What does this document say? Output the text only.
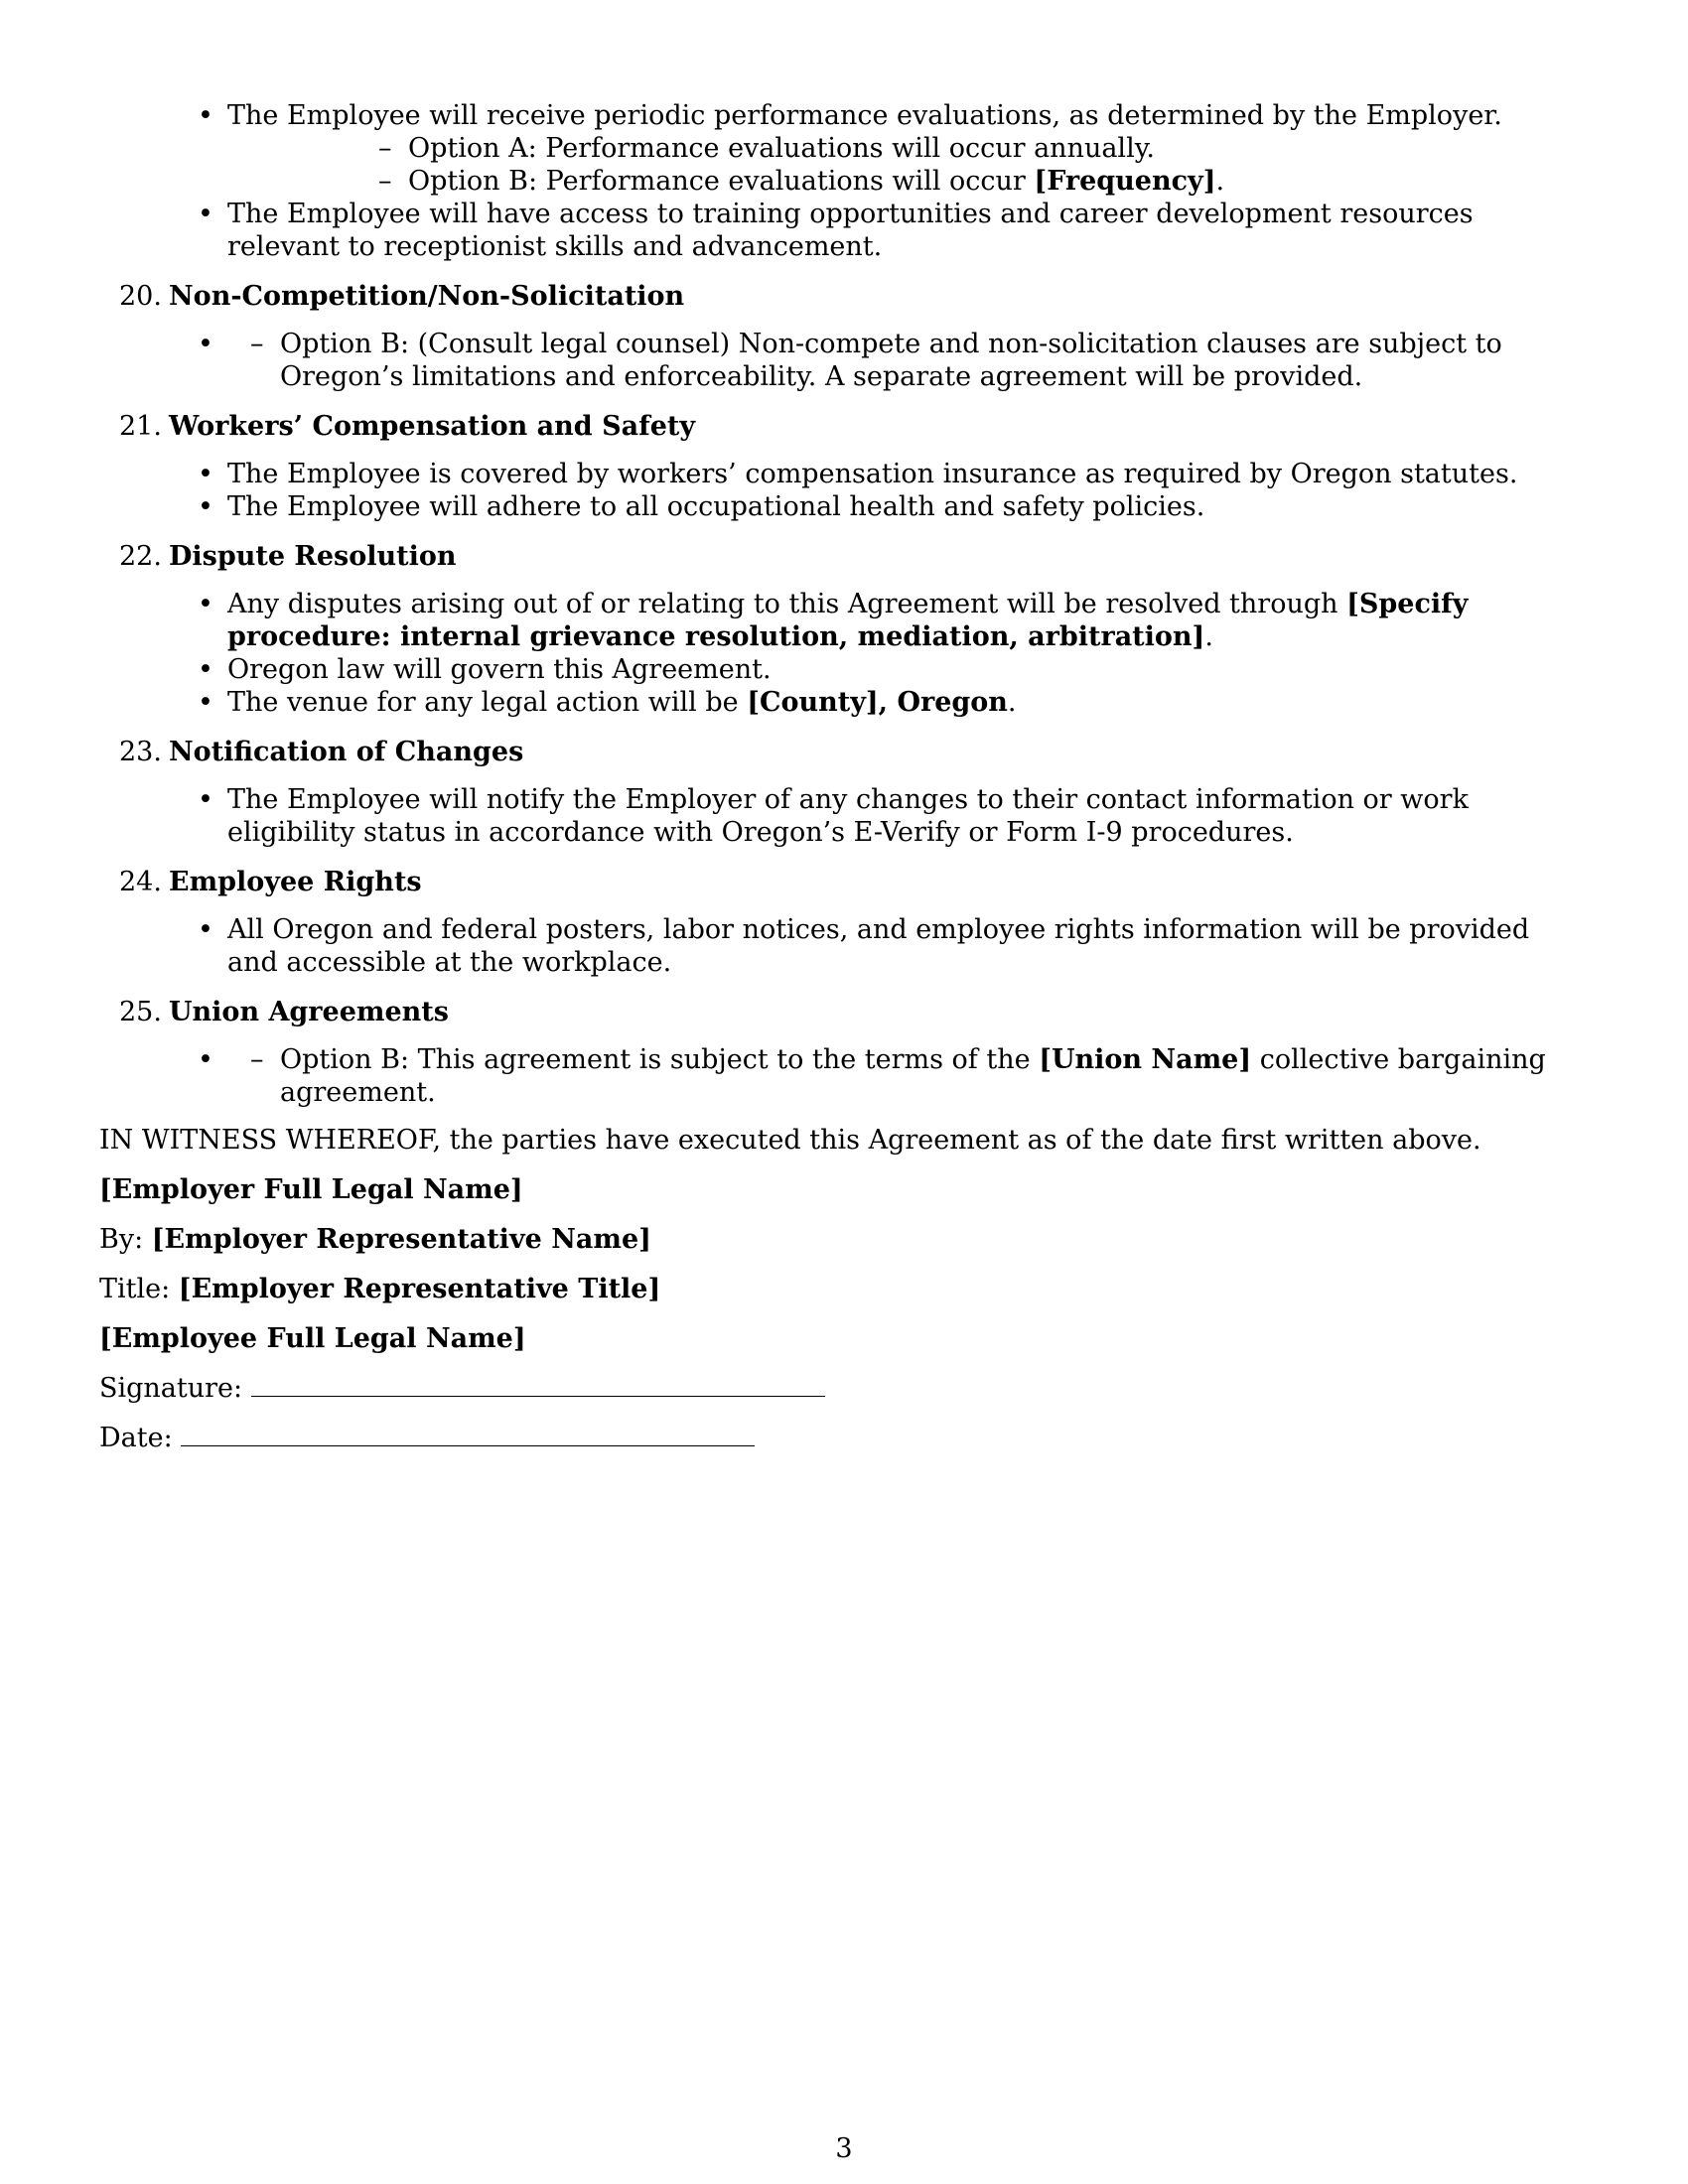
• The Employee will receive periodic performance evaluations, as determined by the Employer.
– Option A: Performance evaluations will occur annually.
– Option B: Performance evaluations will occur [Frequency].
• The Employee will have access to training opportunities and career development resources relevant to receptionist skills and advancement.
20. Non-Competition/Non-Solicitation
– • Option B: (Consult legal counsel) Non-compete and non-solicitation clauses are subject to Oregon’s limitations and enforceability. A separate agreement will be provided.
21. Workers’ Compensation and Safety
• The Employee is covered by workers’ compensation insurance as required by Oregon statutes.
• The Employee will adhere to all occupational health and safety policies.
22. Dispute Resolution
• Any disputes arising out of or relating to this Agreement will be resolved through [Specify procedure: internal grievance resolution, mediation, arbitration].
• Oregon law will govern this Agreement.
• The venue for any legal action will be [County], Oregon.
23. Notification of Changes
• The Employee will notify the Employer of any changes to their contact information or work eligibility status in accordance with Oregon’s E-Verify or Form I-9 procedures.
24. Employee Rights
• All Oregon and federal posters, labor notices, and employee rights information will be provided and accessible at the workplace.
25. Union Agreements
– • Option B: This agreement is subject to the terms of the [Union Name] collective bargaining agreement.
IN WITNESS WHEREOF, the parties have executed this Agreement as of the date first written above.
[Employer Full Legal Name]
By: [Employer Representative Name]
Title: [Employer Representative Title]
[Employee Full Legal Name]
Signature:
Date:
3
